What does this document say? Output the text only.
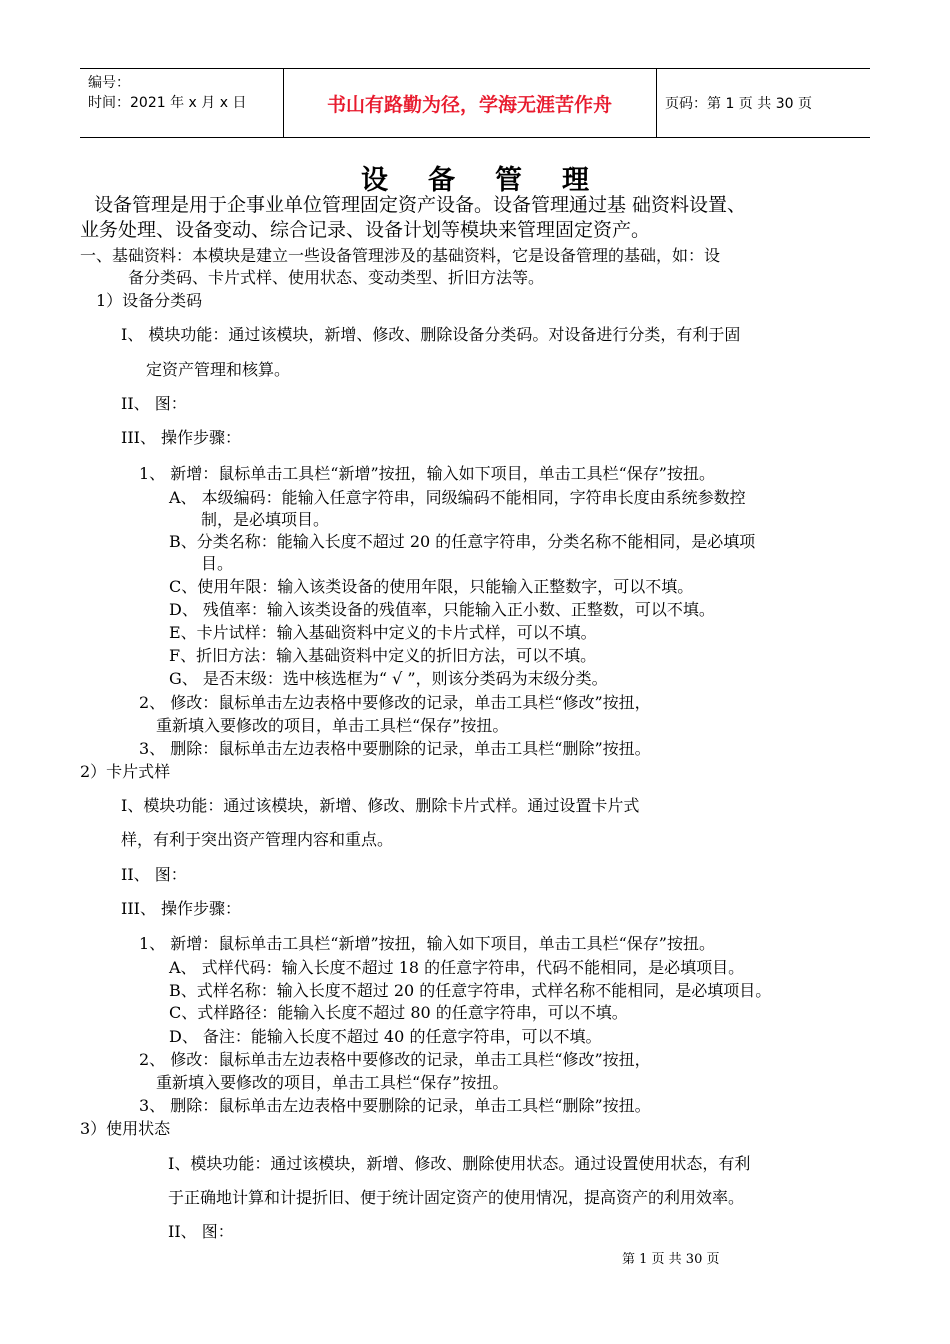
编号：
时间：2021 年 x 月 x 日	书山有路勤为径，学海无涯苦作舟	页码：第 1 页 共 30 页
设备管理
设备管理是用于企事业单位管理固定资产设备。设备管理通过基 础资料设置、
业务处理、设备变动、综合记录、设备计划等模块来管理固定资产。
一、基础资料：本模块是建立一些设备管理涉及的基础资料，它是设备管理的基础，如：设
备分类码、卡片式样、使用状态、变动类型、折旧方法等。
1）设备分类码
I、 模块功能：通过该模块，新增、修改、删除设备分类码。对设备进行分类，有利于固
定资产管理和核算。
II、 图：
III、 操作步骤：
1、 新增：鼠标单击工具栏“新增”按扭，输入如下项目，单击工具栏“保存”按扭。
A、 本级编码：能输入任意字符串，同级编码不能相同，字符串长度由系统参数控
制，是必填项目。
B、分类名称：能输入长度不超过 20 的任意字符串，分类名称不能相同，是必填项
目。
C、使用年限：输入该类设备的使用年限，只能输入正整数字，可以不填。
D、 残值率：输入该类设备的残值率，只能输入正小数、正整数，可以不填。
E、卡片试样：输入基础资料中定义的卡片式样，可以不填。
F、折旧方法：输入基础资料中定义的折旧方法，可以不填。
G、 是否末级：选中核选框为“ √ ”，则该分类码为末级分类。
2、 修改：鼠标单击左边表格中要修改的记录，单击工具栏“修改”按扭，
重新填入要修改的项目，单击工具栏“保存”按扭。
3、 删除：鼠标单击左边表格中要删除的记录，单击工具栏“删除”按扭。
2）卡片式样
I、模块功能：通过该模块，新增、修改、删除卡片式样。通过设置卡片式
样，有利于突出资产管理内容和重点。
II、 图：
III、 操作步骤：
1、 新增：鼠标单击工具栏“新增”按扭，输入如下项目，单击工具栏“保存”按扭。
A、 式样代码：输入长度不超过 18 的任意字符串，代码不能相同，是必填项目。
B、式样名称：输入长度不超过 20 的任意字符串，式样名称不能相同，是必填项目。
C、式样路径：能输入长度不超过 80 的任意字符串，可以不填。
D、 备注：能输入长度不超过 40 的任意字符串，可以不填。
2、 修改：鼠标单击左边表格中要修改的记录，单击工具栏“修改”按扭，
重新填入要修改的项目，单击工具栏“保存”按扭。
3、 删除：鼠标单击左边表格中要删除的记录，单击工具栏“删除”按扭。
3）使用状态
I、模块功能：通过该模块，新增、修改、删除使用状态。通过设置使用状态，有利
于正确地计算和计提折旧、便于统计固定资产的使用情况，提高资产的利用效率。
II、 图：
第 1 页 共 30 页
